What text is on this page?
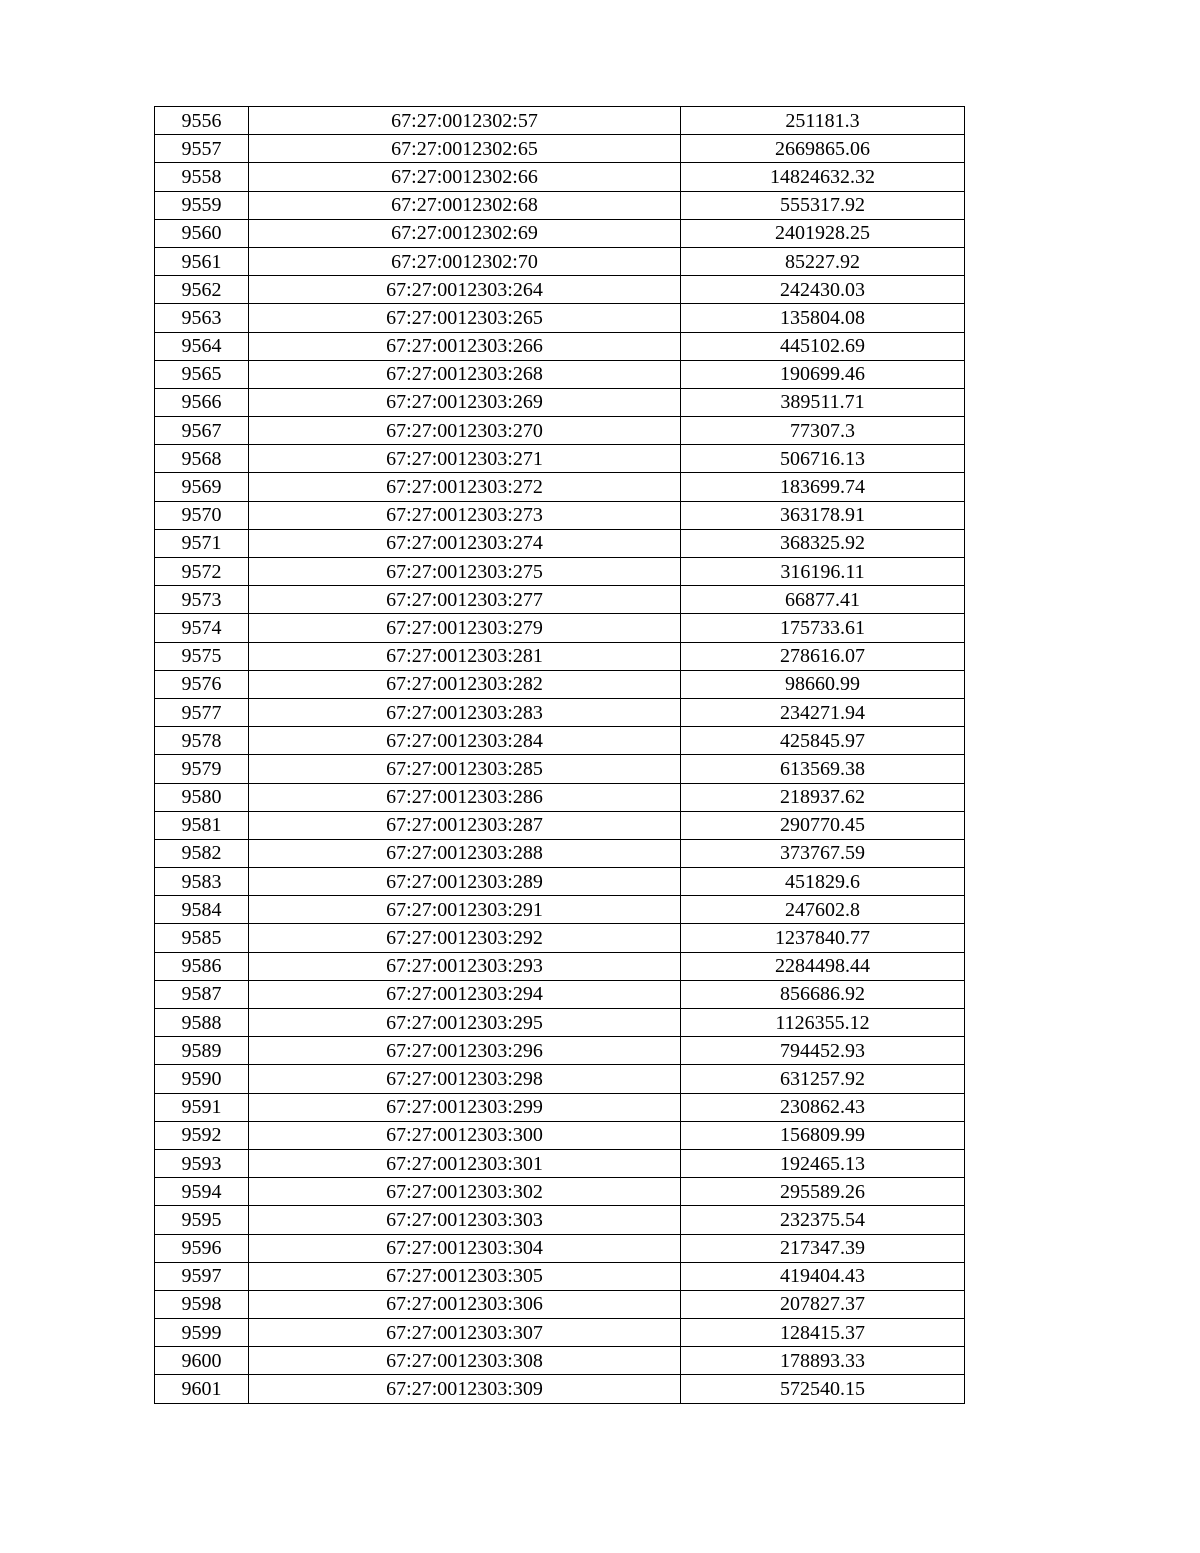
9556	67:27:0012302:57	251181.3
9557	67:27:0012302:65	2669865.06
9558	67:27:0012302:66	14824632.32
9559	67:27:0012302:68	555317.92
9560	67:27:0012302:69	2401928.25
9561	67:27:0012302:70	85227.92
9562	67:27:0012303:264	242430.03
9563	67:27:0012303:265	135804.08
9564	67:27:0012303:266	445102.69
9565	67:27:0012303:268	190699.46
9566	67:27:0012303:269	389511.71
9567	67:27:0012303:270	77307.3
9568	67:27:0012303:271	506716.13
9569	67:27:0012303:272	183699.74
9570	67:27:0012303:273	363178.91
9571	67:27:0012303:274	368325.92
9572	67:27:0012303:275	316196.11
9573	67:27:0012303:277	66877.41
9574	67:27:0012303:279	175733.61
9575	67:27:0012303:281	278616.07
9576	67:27:0012303:282	98660.99
9577	67:27:0012303:283	234271.94
9578	67:27:0012303:284	425845.97
9579	67:27:0012303:285	613569.38
9580	67:27:0012303:286	218937.62
9581	67:27:0012303:287	290770.45
9582	67:27:0012303:288	373767.59
9583	67:27:0012303:289	451829.6
9584	67:27:0012303:291	247602.8
9585	67:27:0012303:292	1237840.77
9586	67:27:0012303:293	2284498.44
9587	67:27:0012303:294	856686.92
9588	67:27:0012303:295	1126355.12
9589	67:27:0012303:296	794452.93
9590	67:27:0012303:298	631257.92
9591	67:27:0012303:299	230862.43
9592	67:27:0012303:300	156809.99
9593	67:27:0012303:301	192465.13
9594	67:27:0012303:302	295589.26
9595	67:27:0012303:303	232375.54
9596	67:27:0012303:304	217347.39
9597	67:27:0012303:305	419404.43
9598	67:27:0012303:306	207827.37
9599	67:27:0012303:307	128415.37
9600	67:27:0012303:308	178893.33
9601	67:27:0012303:309	572540.15
